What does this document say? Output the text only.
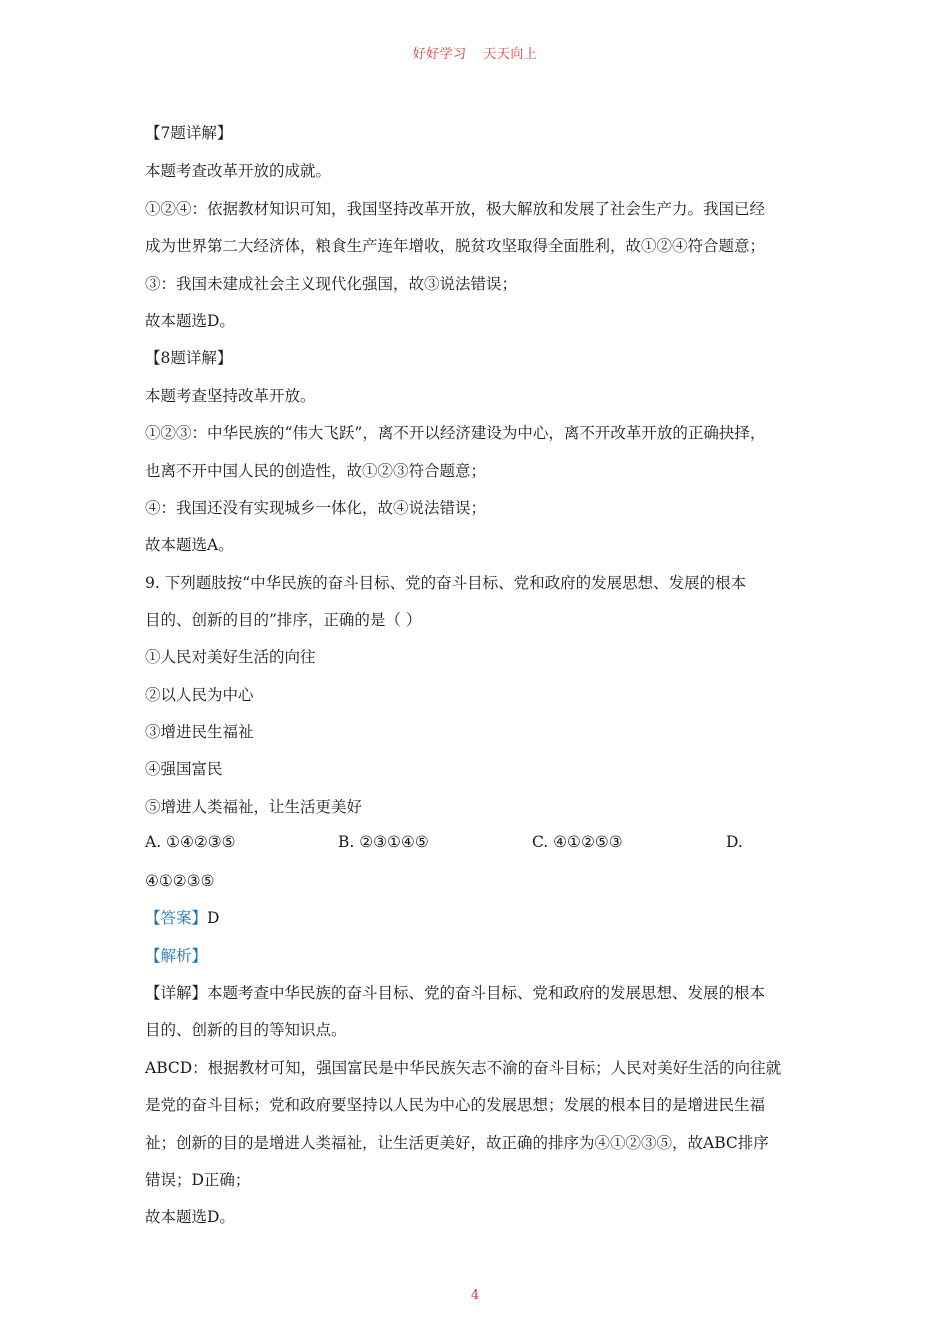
好好学习 天天向上
【7题详解】
本题考查改革开放的成就。
①②④：依据教材知识可知，我国坚持改革开放，极大解放和发展了社会生产力。我国已经
成为世界第二大经济体，粮食生产连年增收，脱贫攻坚取得全面胜利，故①②④符合题意；
③：我国未建成社会主义现代化强国，故③说法错误；
故本题选D。
【8题详解】
本题考查坚持改革开放。
①②③：中华民族的“伟大飞跃”，离不开以经济建设为中心，离不开改革开放的正确抉择，
也离不开中国人民的创造性，故①②③符合题意；
④：我国还没有实现城乡一体化，故④说法错误；
故本题选A。
9. 下列题肢按“中华民族的奋斗目标、党的奋斗目标、党和政府的发展思想、发展的根本
目的、创新的目的”排序，正确的是（ ）
①人民对美好生活的向往
②以人民为中心
③增进民生福祉
④强国富民
⑤增进人类福祉，让生活更美好
A. ①④②③⑤	B. ②③①④⑤	C. ④①②⑤③	D.
④①②③⑤
【答案】D
【解析】
【详解】本题考查中华民族的奋斗目标、党的奋斗目标、党和政府的发展思想、发展的根本
目的、创新的目的等知识点。
ABCD：根据教材可知，强国富民是中华民族矢志不渝的奋斗目标；人民对美好生活的向往就
是党的奋斗目标；党和政府要坚持以人民为中心的发展思想；发展的根本目的是增进民生福
祉；创新的目的是增进人类福祉，让生活更美好，故正确的排序为④①②③⑤，故ABC排序
错误；D正确；
故本题选D。
4
